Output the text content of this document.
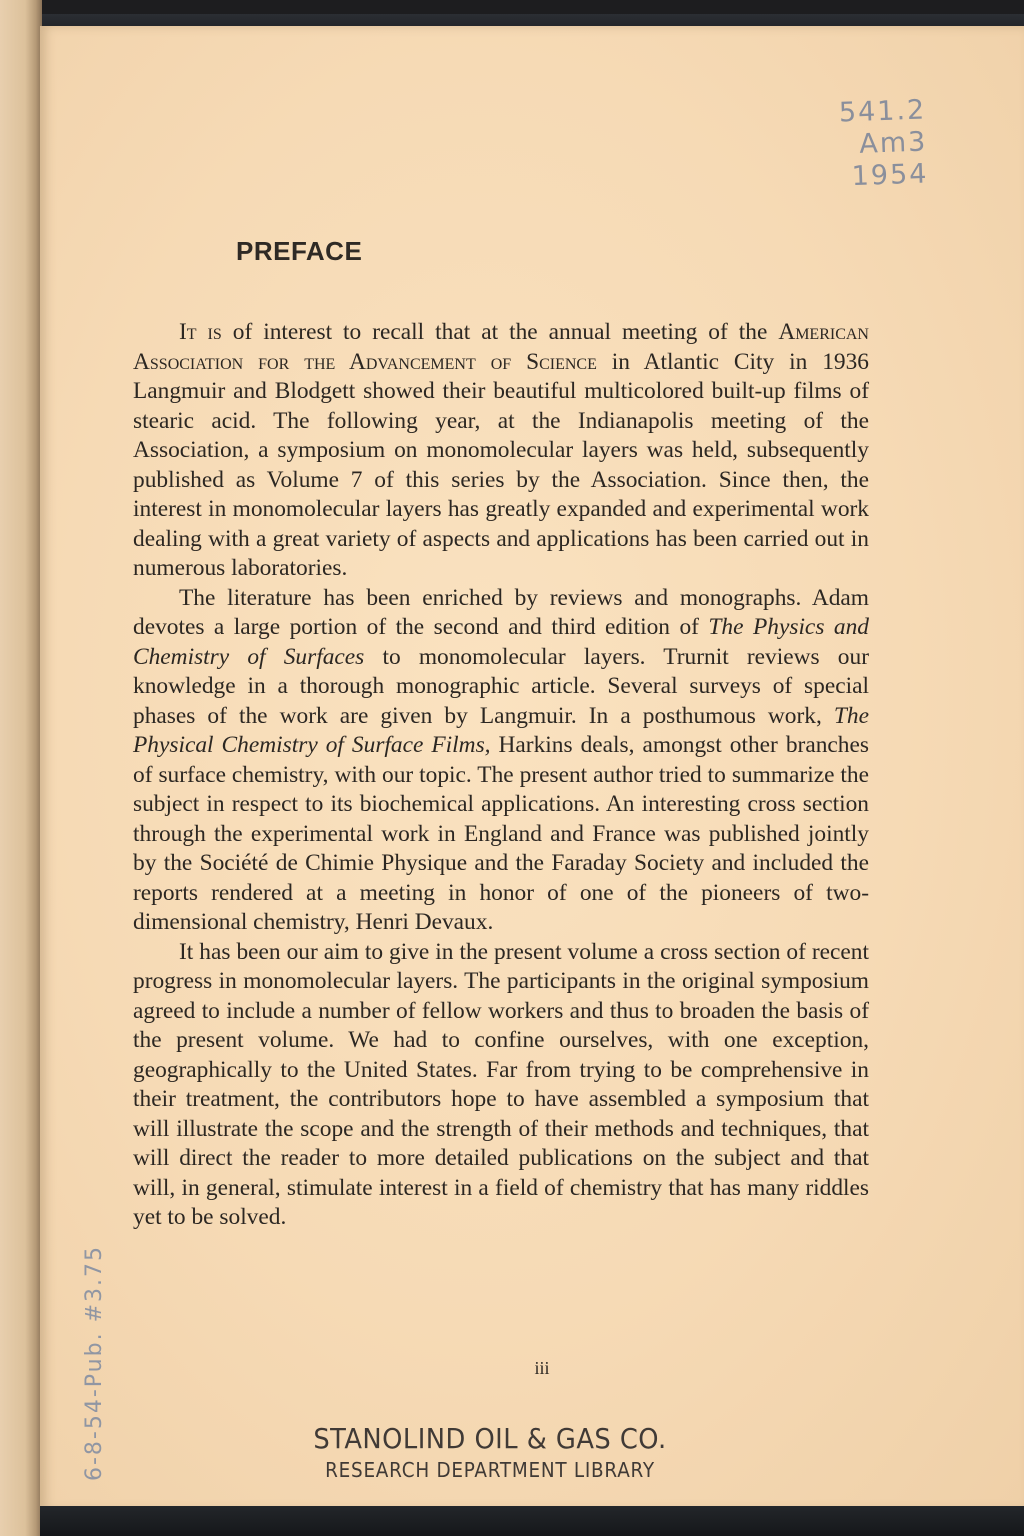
541.2
Am3
1954
PREFACE

It is of interest to recall that at the annual meeting of the American Association for the Advancement of Science in Atlantic City in 1936 Langmuir and Blodgett showed their beautiful multicolored built-up films of stearic acid. The following year, at the Indianapolis meeting of the Association, a symposium on monomolecular layers was held, subsequently published as Volume 7 of this series by the Association. Since then, the interest in monomolecular layers has greatly expanded and experimental work dealing with a great variety of aspects and applications has been carried out in numerous laboratories.

The literature has been enriched by reviews and monographs. Adam devotes a large portion of the second and third edition of The Physics and Chemistry of Surfaces to monomolecular layers. Trurnit reviews our knowledge in a thorough monographic article. Several surveys of special phases of the work are given by Langmuir. In a posthumous work, The Physical Chemistry of Surface Films, Harkins deals, amongst other branches of surface chemistry, with our topic. The present author tried to summarize the subject in respect to its biochemical applications. An interesting cross section through the experimental work in England and France was published jointly by the Société de Chimie Physique and the Faraday Society and included the reports rendered at a meeting in honor of one of the pioneers of two-dimensional chemistry, Henri Devaux.

It has been our aim to give in the present volume a cross section of recent progress in monomolecular layers. The participants in the original symposium agreed to include a number of fellow workers and thus to broaden the basis of the present volume. We had to confine ourselves, with one exception, geographically to the United States. Far from trying to be comprehensive in their treatment, the contributors hope to have assembled a symposium that will illustrate the scope and the strength of their methods and techniques, that will direct the reader to more detailed publications on the subject and that will, in general, stimulate interest in a field of chemistry that has many riddles yet to be solved.

iii
STANOLIND OIL & GAS CO.
RESEARCH DEPARTMENT LIBRARY
6-8-54-Pub. #3.75
